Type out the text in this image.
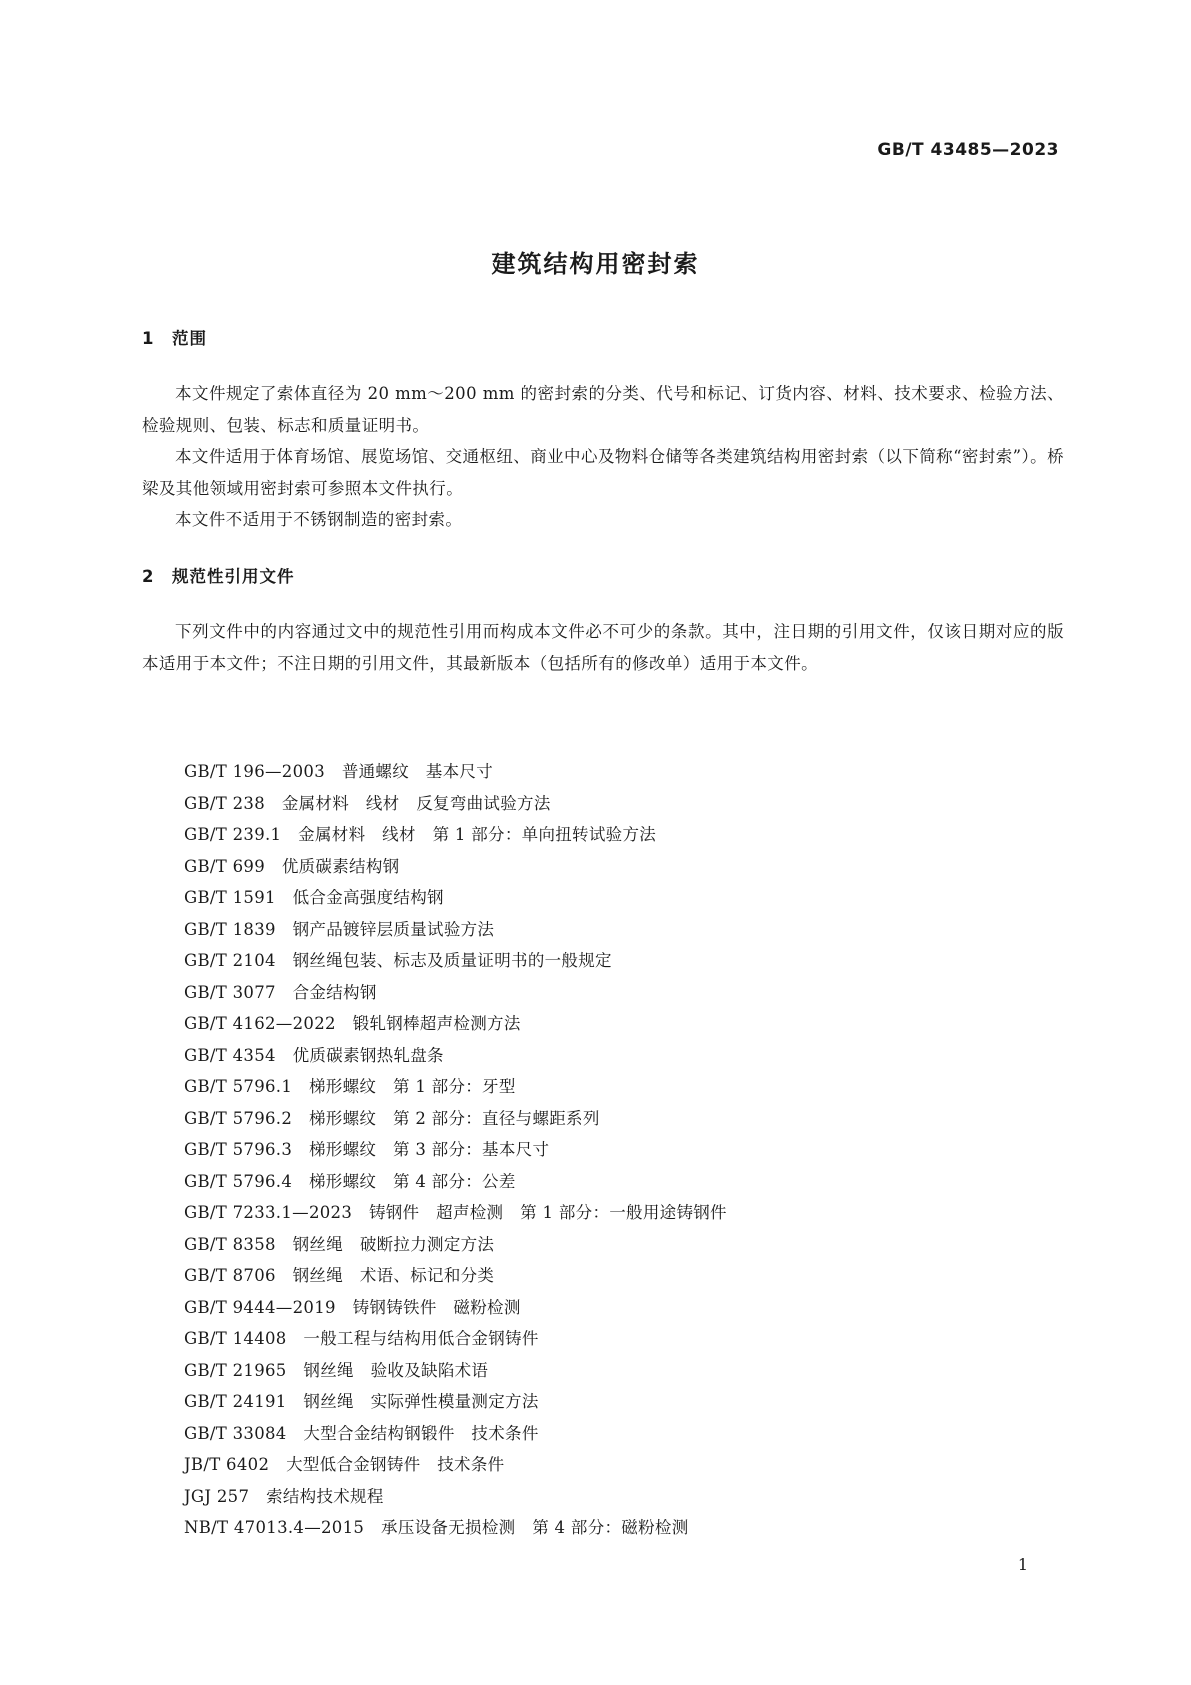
GB/T 43485—2023
建筑结构用密封索
1 范围

本文件规定了索体直径为 20 mm～200 mm 的密封索的分类、代号和标记、订货内容、材料、技术要求、检验方法、检验规则、包装、标志和质量证明书。

本文件适用于体育场馆、展览场馆、交通枢纽、商业中心及物料仓储等各类建筑结构用密封索（以下简称“密封索”）。桥梁及其他领域用密封索可参照本文件执行。

本文件不适用于不锈钢制造的密封索。

2 规范性引用文件

下列文件中的内容通过文中的规范性引用而构成本文件必不可少的条款。其中，注日期的引用文件，仅该日期对应的版本适用于本文件；不注日期的引用文件，其最新版本（包括所有的修改单）适用于本文件。

GB/T 196—2003　 普通螺纹　基本尺寸
GB/T 238　 金属材料　线材　反复弯曲试验方法
GB/T 239.1　 金属材料　线材　第 1 部分：单向扭转试验方法
GB/T 699　 优质碳素结构钢
GB/T 1591　 低合金高强度结构钢
GB/T 1839　 钢产品镀锌层质量试验方法
GB/T 2104　 钢丝绳包装、标志及质量证明书的一般规定
GB/T 3077　 合金结构钢
GB/T 4162—2022　 锻轧钢棒超声检测方法
GB/T 4354　 优质碳素钢热轧盘条
GB/T 5796.1　 梯形螺纹　第 1 部分：牙型
GB/T 5796.2　 梯形螺纹　第 2 部分：直径与螺距系列
GB/T 5796.3　 梯形螺纹　第 3 部分：基本尺寸
GB/T 5796.4　 梯形螺纹　第 4 部分：公差
GB/T 7233.1—2023　 铸钢件　超声检测　第 1 部分：一般用途铸钢件
GB/T 8358　 钢丝绳　破断拉力测定方法
GB/T 8706　 钢丝绳　术语、标记和分类
GB/T 9444—2019　 铸钢铸铁件　磁粉检测
GB/T 14408　 一般工程与结构用低合金钢铸件
GB/T 21965　 钢丝绳　验收及缺陷术语
GB/T 24191　 钢丝绳　实际弹性模量测定方法
GB/T 33084　 大型合金结构钢锻件　技术条件
JB/T 6402　 大型低合金钢铸件　技术条件
JGJ 257　 索结构技术规程
NB/T 47013.4—2015　 承压设备无损检测　第 4 部分：磁粉检测
1
